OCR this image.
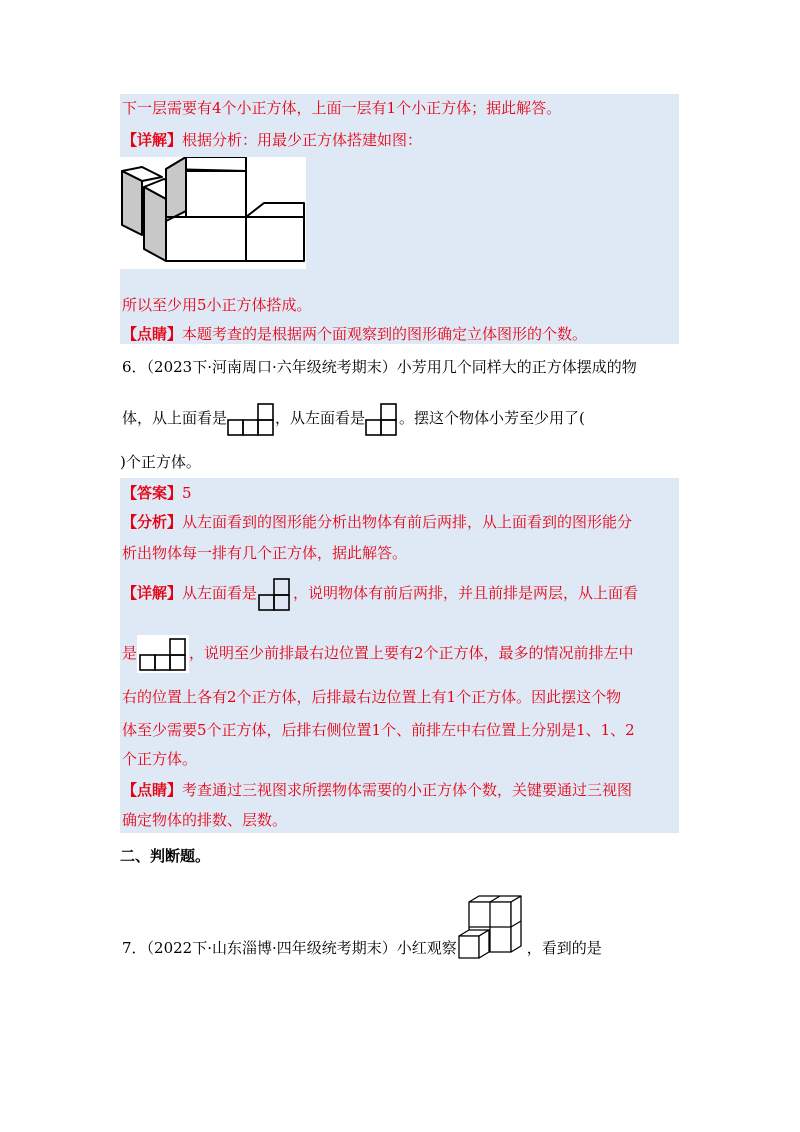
下一层需要有4个小正方体，上面一层有1个小正方体；据此解答。
【详解】根据分析：用最少正方体搭建如图：
所以至少用5小正方体搭成。
【点睛】本题考查的是根据两个面观察到的图形确定立体图形的个数。
6．（2023下·河南周口·六年级统考期末）小芳用几个同样大的正方体摆成的物
体，从上面看是	，从左面看是 。摆这个物体小芳至少用了(
)个正方体。
【答案】5
【分析】从左面看到的图形能分析出物体有前后两排，从上面看到的图形能分
析出物体每一排有几个正方体，据此解答。
【详解】从左面看是 ，说明物体有前后两排，并且前排是两层，从上面看
是	，说明至少前排最右边位置上要有2个正方体，最多的情况前排左中
右的位置上各有2个正方体，后排最右边位置上有1个正方体。因此摆这个物
体至少需要5个正方体，后排右侧位置1个、前排左中右位置上分别是1、1、2
个正方体。
【点睛】考查通过三视图求所摆物体需要的小正方体个数，关键要通过三视图
确定物体的排数、层数。
二、判断题。
7．（2022下·山东淄博·四年级统考期末）小红观察	，看到的是
